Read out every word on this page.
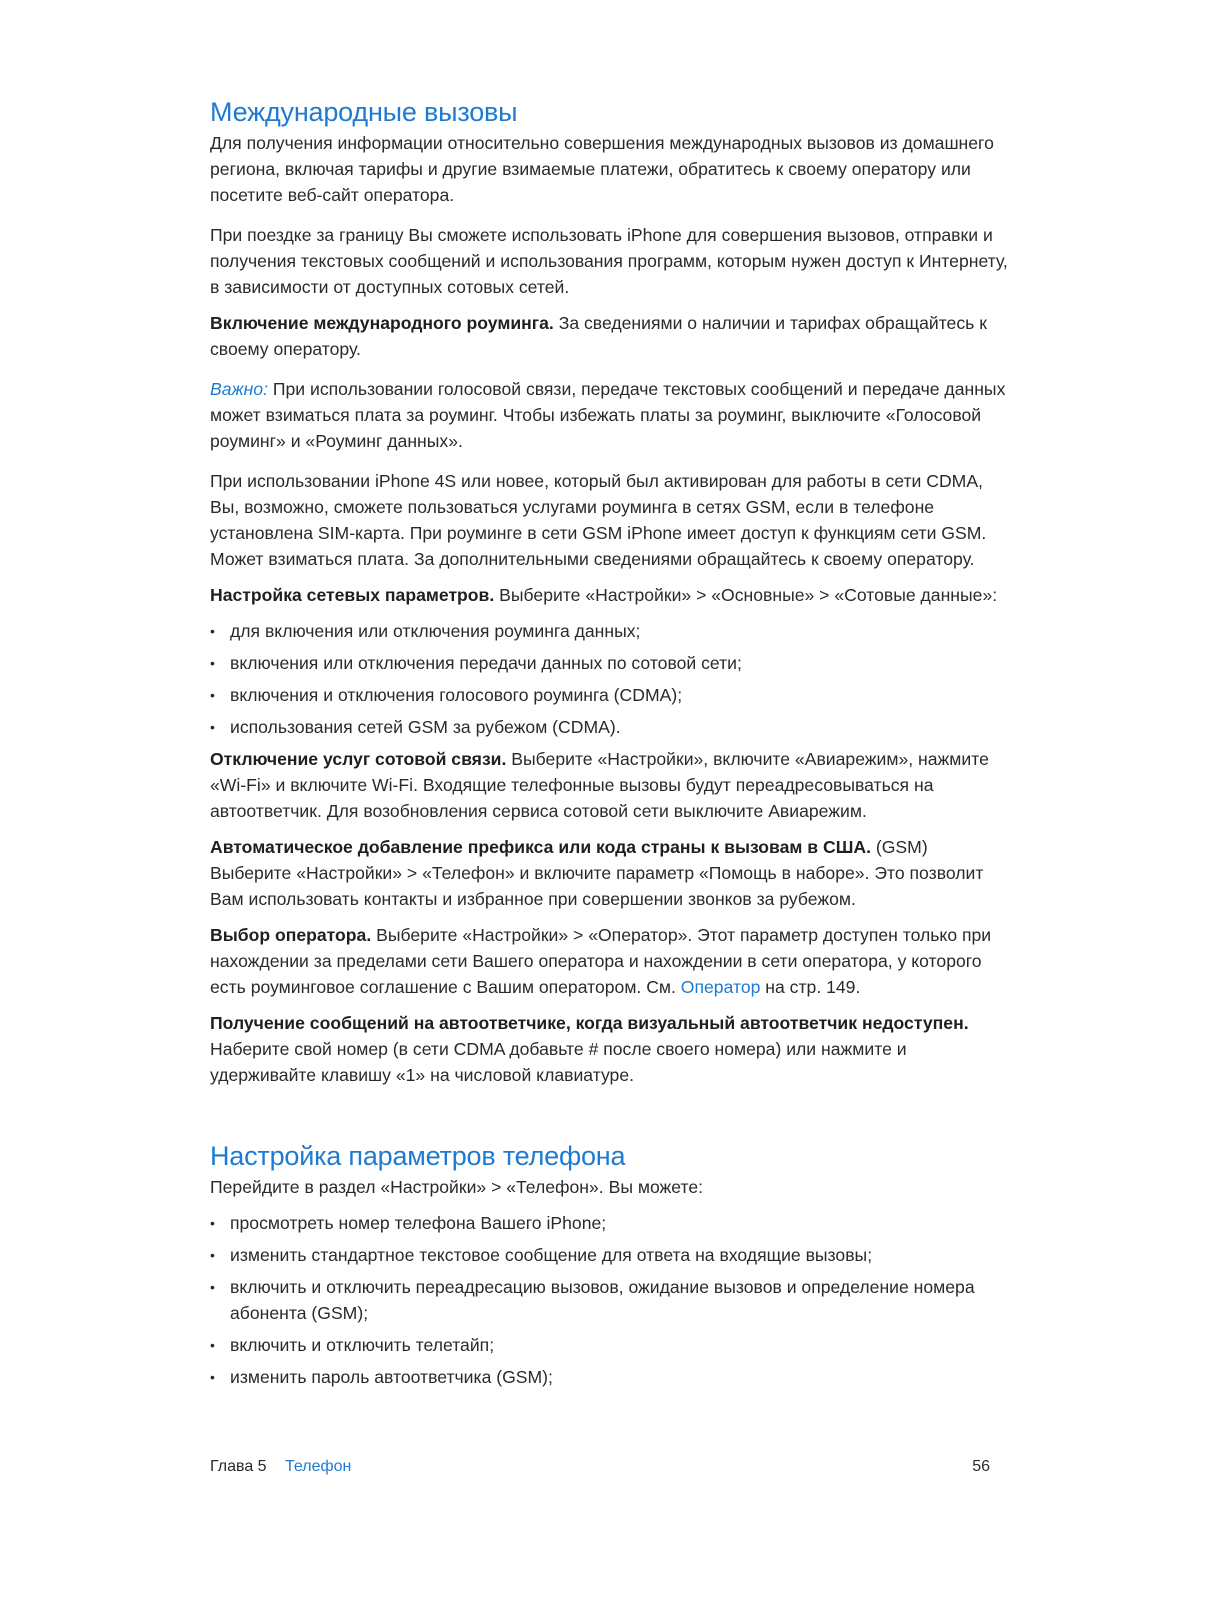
Международные вызовы

Для получения информации относительно совершения международных вызовов из домашнего региона, включая тарифы и другие взимаемые платежи, обратитесь к своему оператору или посетите веб-сайт оператора.

При поездке за границу Вы сможете использовать iPhone для совершения вызовов, отправки и получения текстовых сообщений и использования программ, которым нужен доступ к Интернету, в зависимости от доступных сотовых сетей.

Включение международного роуминга. За сведениями о наличии и тарифах обращайтесь к своему оператору.

Важно: При использовании голосовой связи, передаче текстовых сообщений и передаче данных может взиматься плата за роуминг. Чтобы избежать платы за роуминг, выключите «Голосовой роуминг» и «Роуминг данных».

При использовании iPhone 4S или новее, который был активирован для работы в сети CDMA, Вы, возможно, сможете пользоваться услугами роуминга в сетях GSM, если в телефоне установлена SIM-карта. При роуминге в сети GSM iPhone имеет доступ к функциям сети GSM. Может взиматься плата. За дополнительными сведениями обращайтесь к своему оператору.

Настройка сетевых параметров. Выберите «Настройки» > «Основные» > «Сотовые данные»:

• для включения или отключения роуминга данных;
• включения или отключения передачи данных по сотовой сети;
• включения и отключения голосового роуминга (CDMA);
• использования сетей GSM за рубежом (CDMA).

Отключение услуг сотовой связи. Выберите «Настройки», включите «Авиарежим», нажмите «Wi-Fi» и включите Wi-Fi. Входящие телефонные вызовы будут переадресовываться на автоответчик. Для возобновления сервиса сотовой сети выключите Авиарежим.

Автоматическое добавление префикса или кода страны к вызовам в США. (GSM) Выберите «Настройки» > «Телефон» и включите параметр «Помощь в наборе». Это позволит Вам использовать контакты и избранное при совершении звонков за рубежом.

Выбор оператора. Выберите «Настройки» > «Оператор». Этот параметр доступен только при нахождении за пределами сети Вашего оператора и нахождении в сети оператора, у которого есть роуминговое соглашение с Вашим оператором. См. Оператор на стр. 149.

Получение сообщений на автоответчике, когда визуальный автоответчик недоступен. Наберите свой номер (в сети CDMA добавьте # после своего номера) или нажмите и удерживайте клавишу «1» на числовой клавиатуре.

Настройка параметров телефона

Перейдите в раздел «Настройки» > «Телефон». Вы можете:

• просмотреть номер телефона Вашего iPhone;
• изменить стандартное текстовое сообщение для ответа на входящие вызовы;
• включить и отключить переадресацию вызовов, ожидание вызовов и определение номера абонента (GSM);
• включить и отключить телетайп;
• изменить пароль автоответчика (GSM);
Глава 5 Телефон	56
